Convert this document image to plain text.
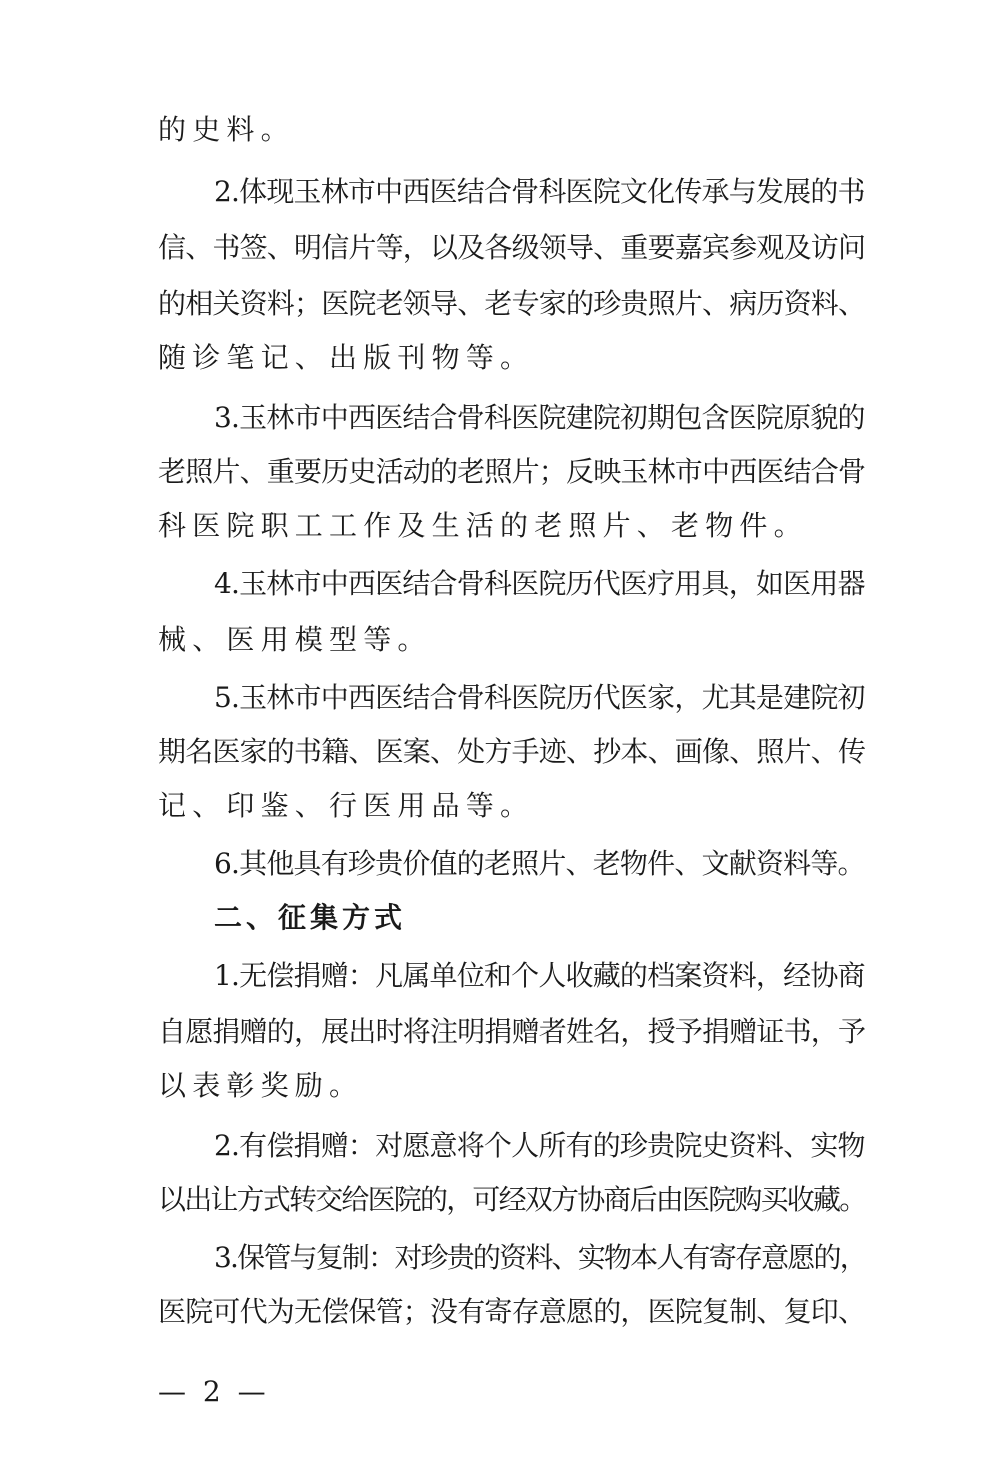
的史料。
2.体现玉林市中西医结合骨科医院文化传承与发展的书
信、书签、明信片等，以及各级领导、重要嘉宾参观及访问
的相关资料；医院老领导、老专家的珍贵照片、病历资料、
随诊笔记、出版刊物等。
3.玉林市中西医结合骨科医院建院初期包含医院原貌的
老照片、重要历史活动的老照片；反映玉林市中西医结合骨
科医院职工工作及生活的老照片、老物件。
4.玉林市中西医结合骨科医院历代医疗用具，如医用器
械、医用模型等。
5.玉林市中西医结合骨科医院历代医家，尤其是建院初
期名医家的书籍、医案、处方手迹、抄本、画像、照片、传
记、印鉴、行医用品等。
6.其他具有珍贵价值的老照片、老物件、文献资料等。
二、征集方式
1.无偿捐赠：凡属单位和个人收藏的档案资料，经协商
自愿捐赠的，展出时将注明捐赠者姓名，授予捐赠证书，予
以表彰奖励。
2.有偿捐赠：对愿意将个人所有的珍贵院史资料、实物
以出让方式转交给医院的，可经双方协商后由医院购买收藏。
3.保管与复制：对珍贵的资料、实物本人有寄存意愿的，
医院可代为无偿保管；没有寄存意愿的，医院复制、复印、
— 2 —
